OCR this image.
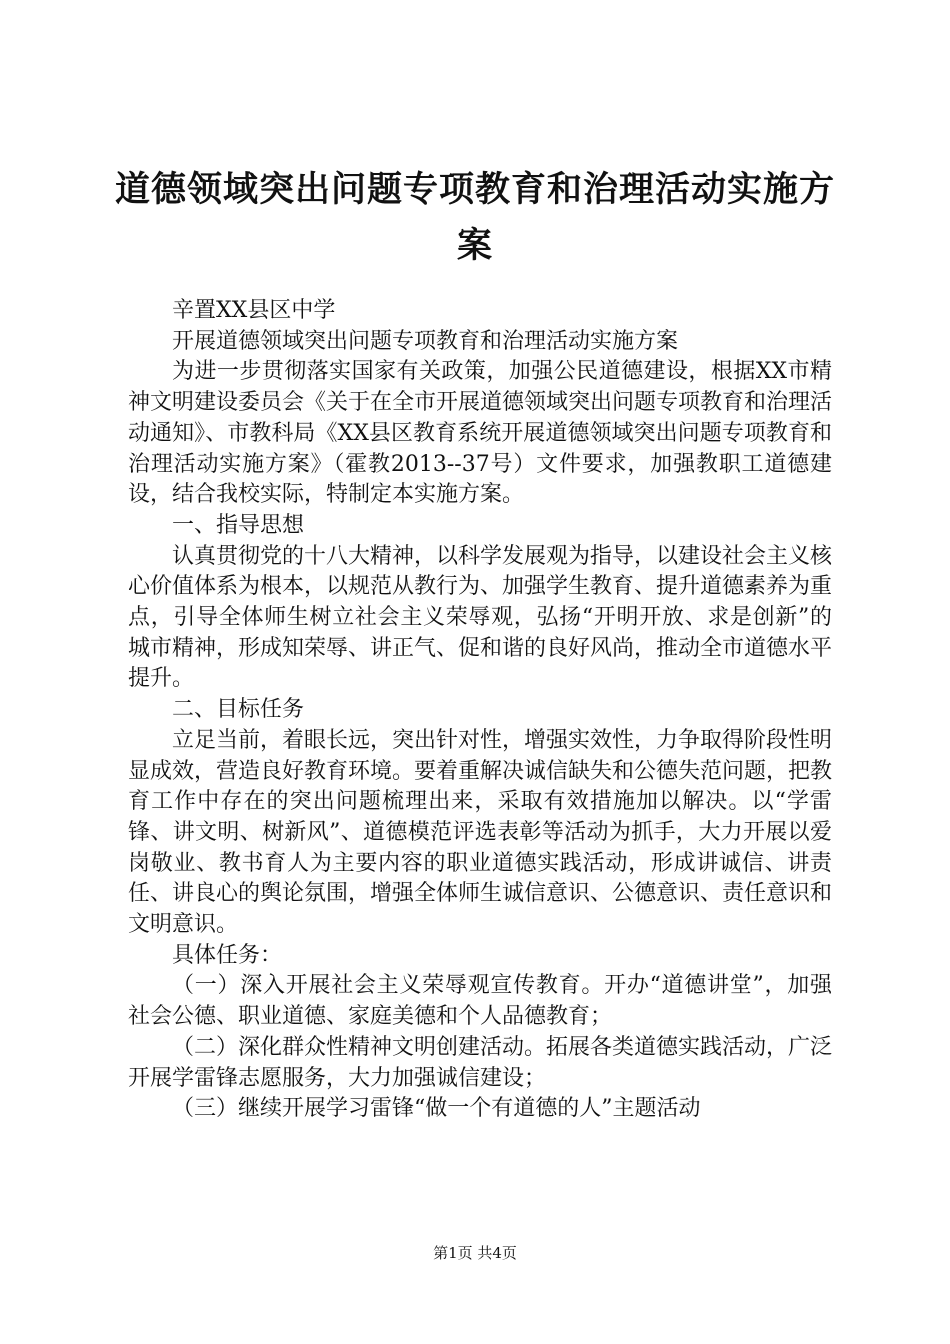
道德领域突出问题专项教育和治理活动实施方案

辛置XX县区中学

开展道德领域突出问题专项教育和治理活动实施方案

为进一步贯彻落实国家有关政策，加强公民道德建设，根据XX市精神文明建设委员会《关于在全市开展道德领域突出问题专项教育和治理活动通知》、市教科局《XX县区教育系统开展道德领域突出问题专项教育和治理活动实施方案》（霍教2013--37号）文件要求，加强教职工道德建设，结合我校实际，特制定本实施方案。

一、指导思想

认真贯彻党的十八大精神，以科学发展观为指导，以建设社会主义核心价值体系为根本，以规范从教行为、加强学生教育、提升道德素养为重点，引导全体师生树立社会主义荣辱观，弘扬“开明开放、求是创新”的城市精神，形成知荣辱、讲正气、促和谐的良好风尚，推动全市道德水平提升。

二、目标任务

立足当前，着眼长远，突出针对性，增强实效性，力争取得阶段性明显成效，营造良好教育环境。要着重解决诚信缺失和公德失范问题，把教育工作中存在的突出问题梳理出来，采取有效措施加以解决。以“学雷锋、讲文明、树新风”、道德模范评选表彰等活动为抓手，大力开展以爱岗敬业、教书育人为主要内容的职业道德实践活动，形成讲诚信、讲责任、讲良心的舆论氛围，增强全体师生诚信意识、公德意识、责任意识和文明意识。

具体任务：

（一）深入开展社会主义荣辱观宣传教育。开办“道德讲堂”，加强社会公德、职业道德、家庭美德和个人品德教育；

（二）深化群众性精神文明创建活动。拓展各类道德实践活动，广泛开展学雷锋志愿服务，大力加强诚信建设；

（三）继续开展学习雷锋“做一个有道德的人”主题活动

第1页 共4页
